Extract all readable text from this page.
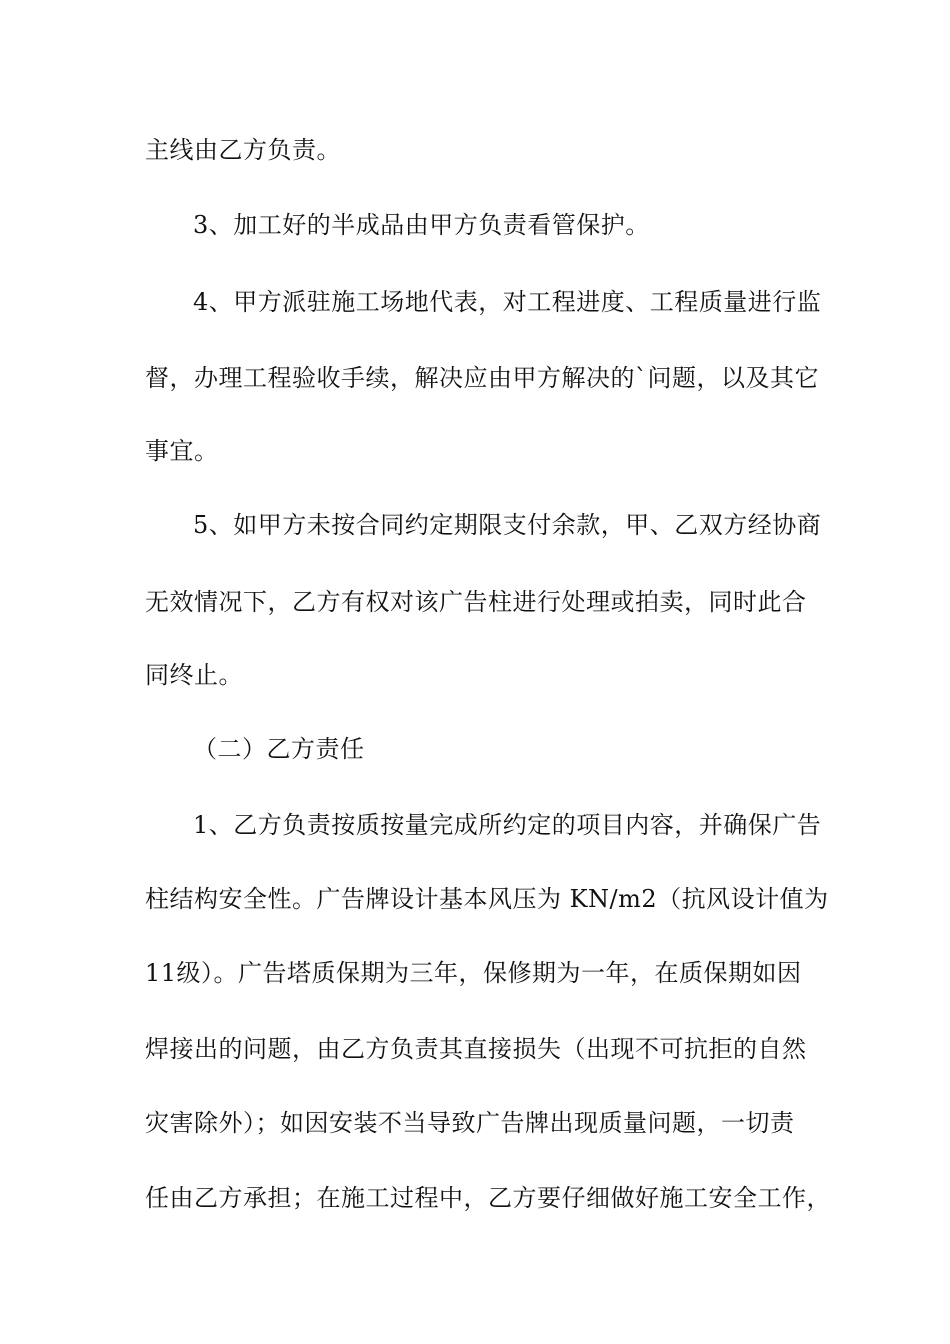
主线由乙方负责。
3、加工好的半成品由甲方负责看管保护。
4、甲方派驻施工场地代表，对工程进度、工程质量进行监
督，办理工程验收手续，解决应由甲方解决的`问题，以及其它
事宜。
5、如甲方未按合同约定期限支付余款，甲、乙双方经协商
无效情况下，乙方有权对该广告柱进行处理或拍卖，同时此合
同终止。
（二）乙方责任
1、乙方负责按质按量完成所约定的项目内容，并确保广告
柱结构安全性。广告牌设计基本风压为 KN/m2（抗风设计值为
11级）。广告塔质保期为三年，保修期为一年，在质保期如因
焊接出的问题，由乙方负责其直接损失（出现不可抗拒的自然
灾害除外）；如因安装不当导致广告牌出现质量问题，一切责
任由乙方承担；在施工过程中，乙方要仔细做好施工安全工作，
